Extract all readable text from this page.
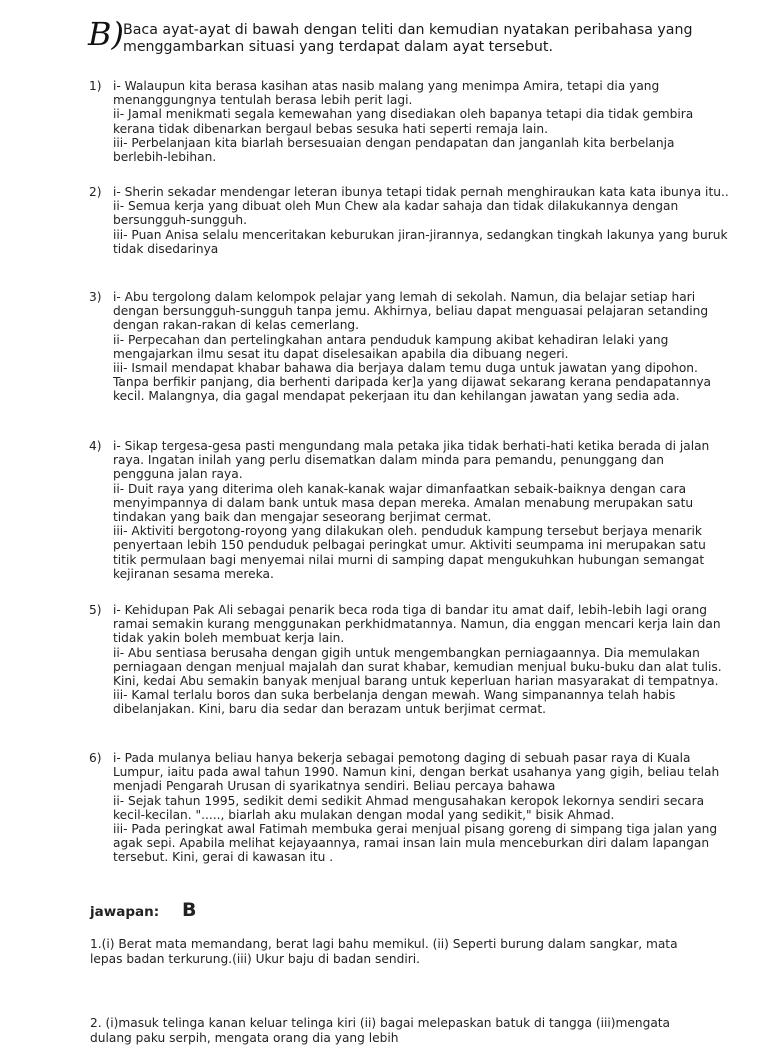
B) Baca ayat-ayat di bawah dengan teliti dan kemudian nyatakan peribahasa yang menggambarkan situasi yang terdapat dalam ayat tersebut.
1) i- Walaupun kita berasa kasihan atas nasib malang yang menimpa Amira, tetapi dia yang menanggungnya tentulah berasa lebih perit lagi.
ii- Jamal menikmati segala kemewahan yang disediakan oleh bapanya tetapi dia tidak gembira kerana tidak dibenarkan bergaul bebas sesuka hati seperti remaja lain.
iii- Perbelanjaan kita biarlah bersesuaian dengan pendapatan dan janganlah kita berbelanja berlebih-lebihan.
2) i- Sherin sekadar mendengar leteran ibunya tetapi tidak pernah menghiraukan kata kata ibunya itu..
ii- Semua kerja yang dibuat oleh Mun Chew ala kadar sahaja dan tidak dilakukannya dengan bersungguh-sungguh.
iii- Puan Anisa selalu menceritakan keburukan jiran-jirannya, sedangkan tingkah lakunya yang buruk tidak disedarinya
3) i- Abu tergolong dalam kelompok pelajar yang lemah di sekolah. Namun, dia belajar setiap hari dengan bersungguh-sungguh tanpa jemu. Akhirnya, beliau dapat menguasai pelajaran setanding dengan rakan-rakan di kelas cemerlang.
ii- Perpecahan dan pertelingkahan antara penduduk kampung akibat kehadiran lelaki yang mengajarkan ilmu sesat itu dapat diselesaikan apabila dia dibuang negeri.
iii- Ismail mendapat khabar bahawa dia berjaya dalam temu duga untuk jawatan yang dipohon. Tanpa berfikir panjang, dia berhenti daripada ker]a yang dijawat sekarang kerana pendapatannya kecil. Malangnya, dia gagal mendapat pekerjaan itu dan kehilangan jawatan yang sedia ada.
4) i- Sikap tergesa-gesa pasti mengundang mala petaka jika tidak berhati-hati ketika berada di jalan raya. Ingatan inilah yang perlu disematkan dalam minda para pemandu, penunggang dan pengguna jalan raya.
ii- Duit raya yang diterima oleh kanak-kanak wajar dimanfaatkan sebaik-baiknya dengan cara menyimpannya di dalam bank untuk masa depan mereka. Amalan menabung merupakan satu tindakan yang baik dan mengajar seseorang berjimat cermat.
iii- Aktiviti bergotong-royong yang dilakukan oleh. penduduk kampung tersebut berjaya menarik penyertaan lebih 150 penduduk pelbagai peringkat umur. Aktiviti seumpama ini merupakan satu titik permulaan bagi menyemai nilai murni di samping dapat mengukuhkan hubungan semangat kejiranan sesama mereka.
5) i- Kehidupan Pak Ali sebagai penarik beca roda tiga di bandar itu amat daif, lebih-lebih lagi orang ramai semakin kurang menggunakan perkhidmatannya. Namun, dia enggan mencari kerja lain dan tidak yakin boleh membuat kerja lain.
ii- Abu sentiasa berusaha dengan gigih untuk mengembangkan perniagaannya. Dia memulakan perniagaan dengan menjual majalah dan surat khabar, kemudian menjual buku-buku dan alat tulis. Kini, kedai Abu semakin banyak menjual barang untuk keperluan harian masyarakat di tempatnya.
iii- Kamal terlalu boros dan suka berbelanja dengan mewah. Wang simpanannya telah habis dibelanjakan. Kini, baru dia sedar dan berazam untuk berjimat cermat.
6) i- Pada mulanya beliau hanya bekerja sebagai pemotong daging di sebuah pasar raya di Kuala Lumpur, iaitu pada awal tahun 1990. Namun kini, dengan berkat usahanya yang gigih, beliau telah menjadi Pengarah Urusan di syarikatnya sendiri. Beliau percaya bahawa
ii- Sejak tahun 1995, sedikit demi sedikit Ahmad mengusahakan keropok lekornya sendiri secara kecil-kecilan. "....., biarlah aku mulakan dengan modal yang sedikit," bisik Ahmad.
iii- Pada peringkat awal Fatimah membuka gerai menjual pisang goreng di simpang tiga jalan yang agak sepi. Apabila melihat kejayaannya, ramai insan lain mula menceburkan diri dalam lapangan tersebut. Kini, gerai di kawasan itu .
jawapan: B
1.(i) Berat mata memandang, berat lagi bahu memikul. (ii) Seperti burung dalam sangkar, mata lepas badan terkurung.(iii) Ukur baju di badan sendiri.
2. (i)masuk telinga kanan keluar telinga kiri (ii) bagai melepaskan batuk di tangga (iii)mengata dulang paku serpih, mengata orang dia yang lebih
